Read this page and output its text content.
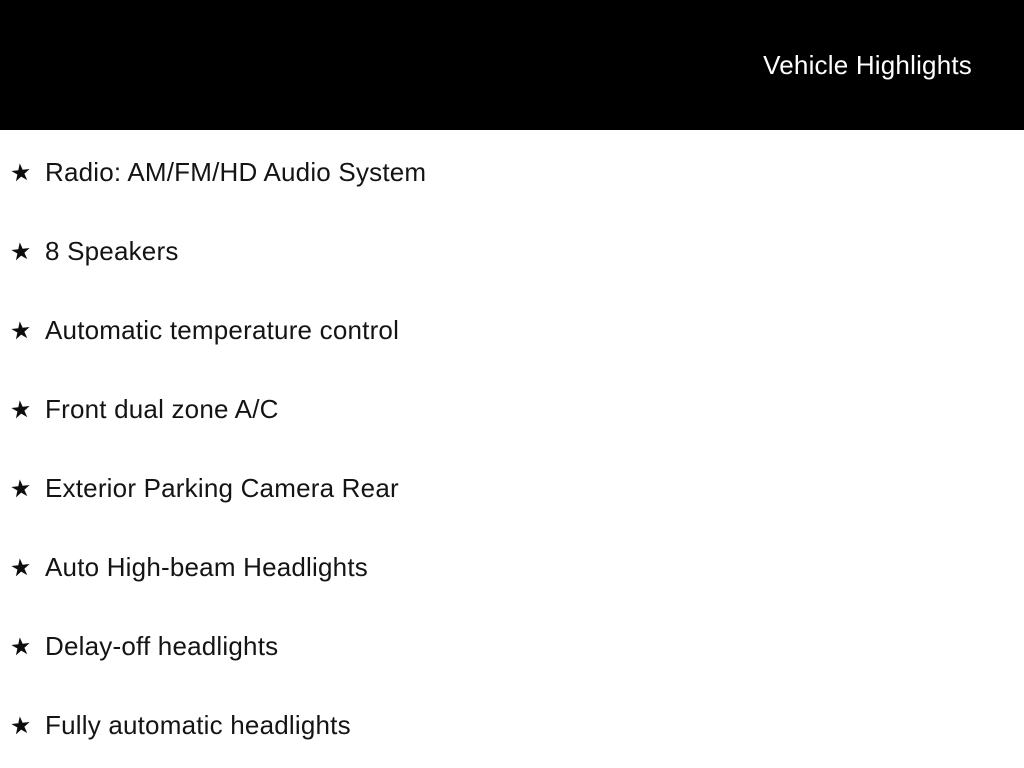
Vehicle Highlights
★ Radio: AM/FM/HD Audio System
★ 8 Speakers
★ Automatic temperature control
★ Front dual zone A/C
★ Exterior Parking Camera Rear
★ Auto High-beam Headlights
★ Delay-off headlights
★ Fully automatic headlights
